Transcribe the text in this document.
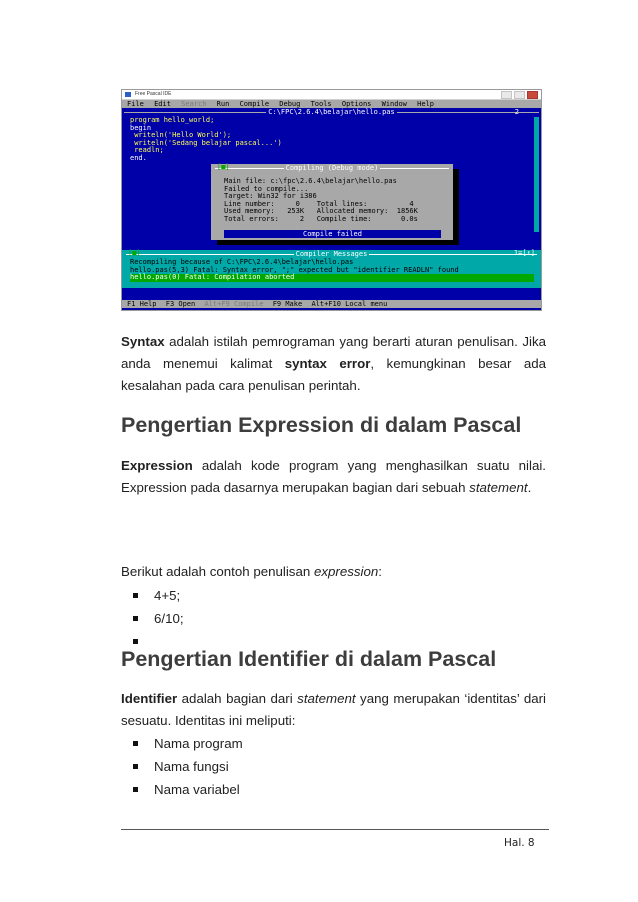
Free Pascal IDE
File Edit Search Run Compile Debug Tools Options Window Help
C:\FPC\2.6.4\belajar\hello.pas	2
program hello_world;
begin
writeln('Hello World');
writeln('Sedang belajar pascal...')
readln;
end.
Compiling (Debug mode)
[■]
Main file: c:\fpc\2.6.4\belajar\hello.pas
Failed to compile...
Target: Win32 for i386
Line number:     0    Total lines:          4
Used memory:   253K   Allocated memory:  1856K
Total errors:     2   Compile time:       0.0s
Compile failed
Compiler Messages
[■]	1=[↑]
Recompiling because of C:\FPC\2.6.4\belajar\hello.pas
hello.pas(5,3) Fatal: Syntax error, ";" expected but "identifier READLN" found
hello.pas(0) Fatal: Compilation aborted
F1 Help F3 Open Alt+F9 Compile F9 Make Alt+F10 Local menu
Syntax adalah istilah pemrograman yang berarti aturan penulisan. Jika anda menemui kalimat syntax error, kemungkinan besar ada kesalahan pada cara penulisan perintah.
Pengertian Expression di dalam Pascal
Expression adalah kode program yang menghasilkan suatu nilai. Expression pada dasarnya merupakan bagian dari sebuah statement.
Berikut adalah contoh penulisan expression:
4+5;
6/10;
Pengertian Identifier di dalam Pascal
Identifier adalah bagian dari statement yang merupakan ‘identitas’ dari sesuatu. Identitas ini meliputi:
Nama program
Nama fungsi
Nama variabel
Hal. 8
